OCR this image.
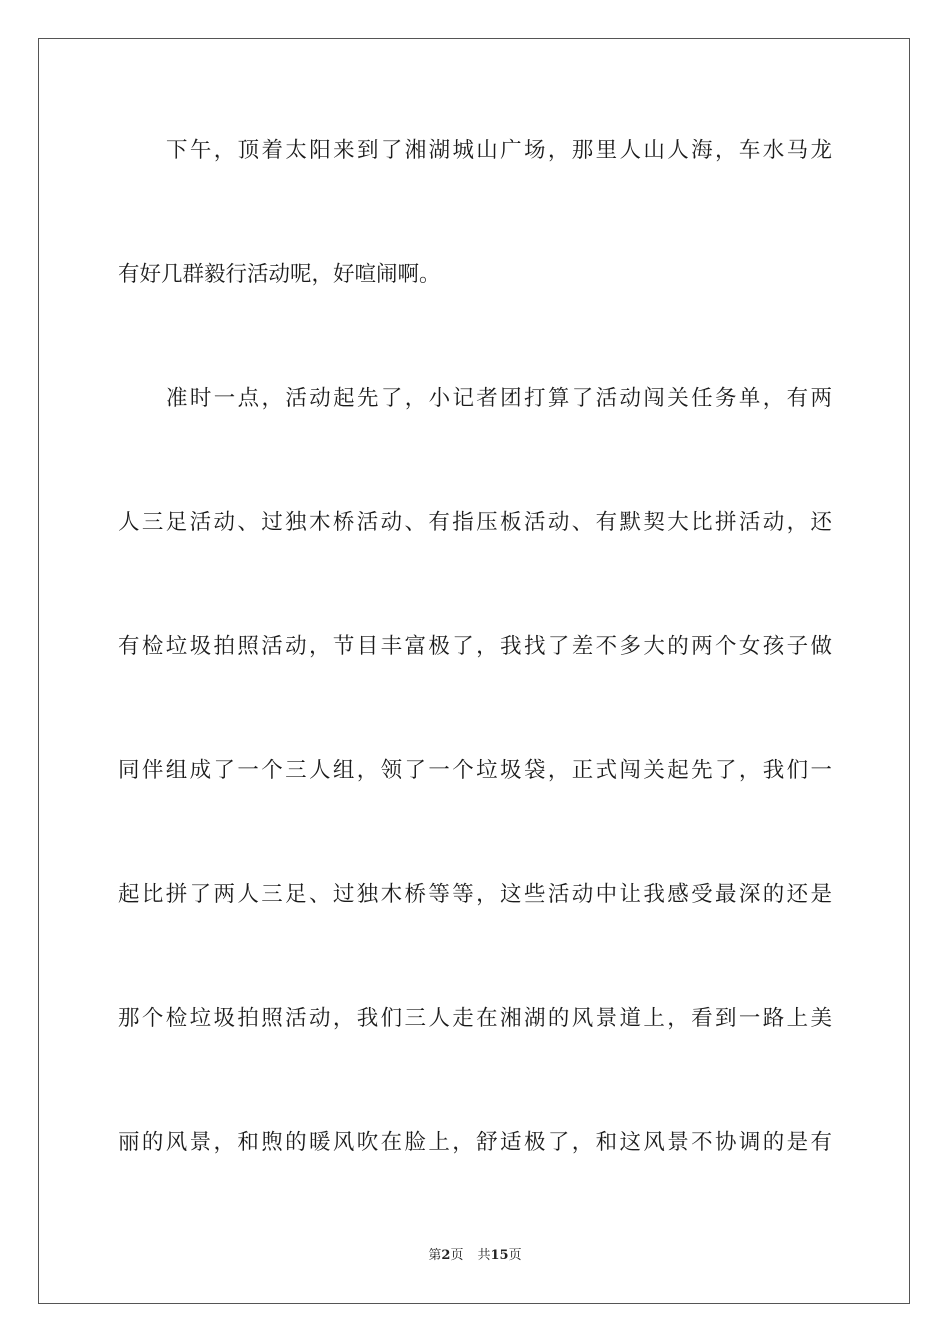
下午，顶着太阳来到了湘湖城山广场，那里人山人海，车水马龙
有好几群毅行活动呢，好喧闹啊。
准时一点，活动起先了，小记者团打算了活动闯关任务单，有两
人三足活动、过独木桥活动、有指压板活动、有默契大比拼活动，还
有检垃圾拍照活动，节目丰富极了，我找了差不多大的两个女孩子做
同伴组成了一个三人组，领了一个垃圾袋，正式闯关起先了，我们一
起比拼了两人三足、过独木桥等等，这些活动中让我感受最深的还是
那个检垃圾拍照活动，我们三人走在湘湖的风景道上，看到一路上美
丽的风景，和煦的暖风吹在脸上，舒适极了，和这风景不协调的是有
第2页 共15页
